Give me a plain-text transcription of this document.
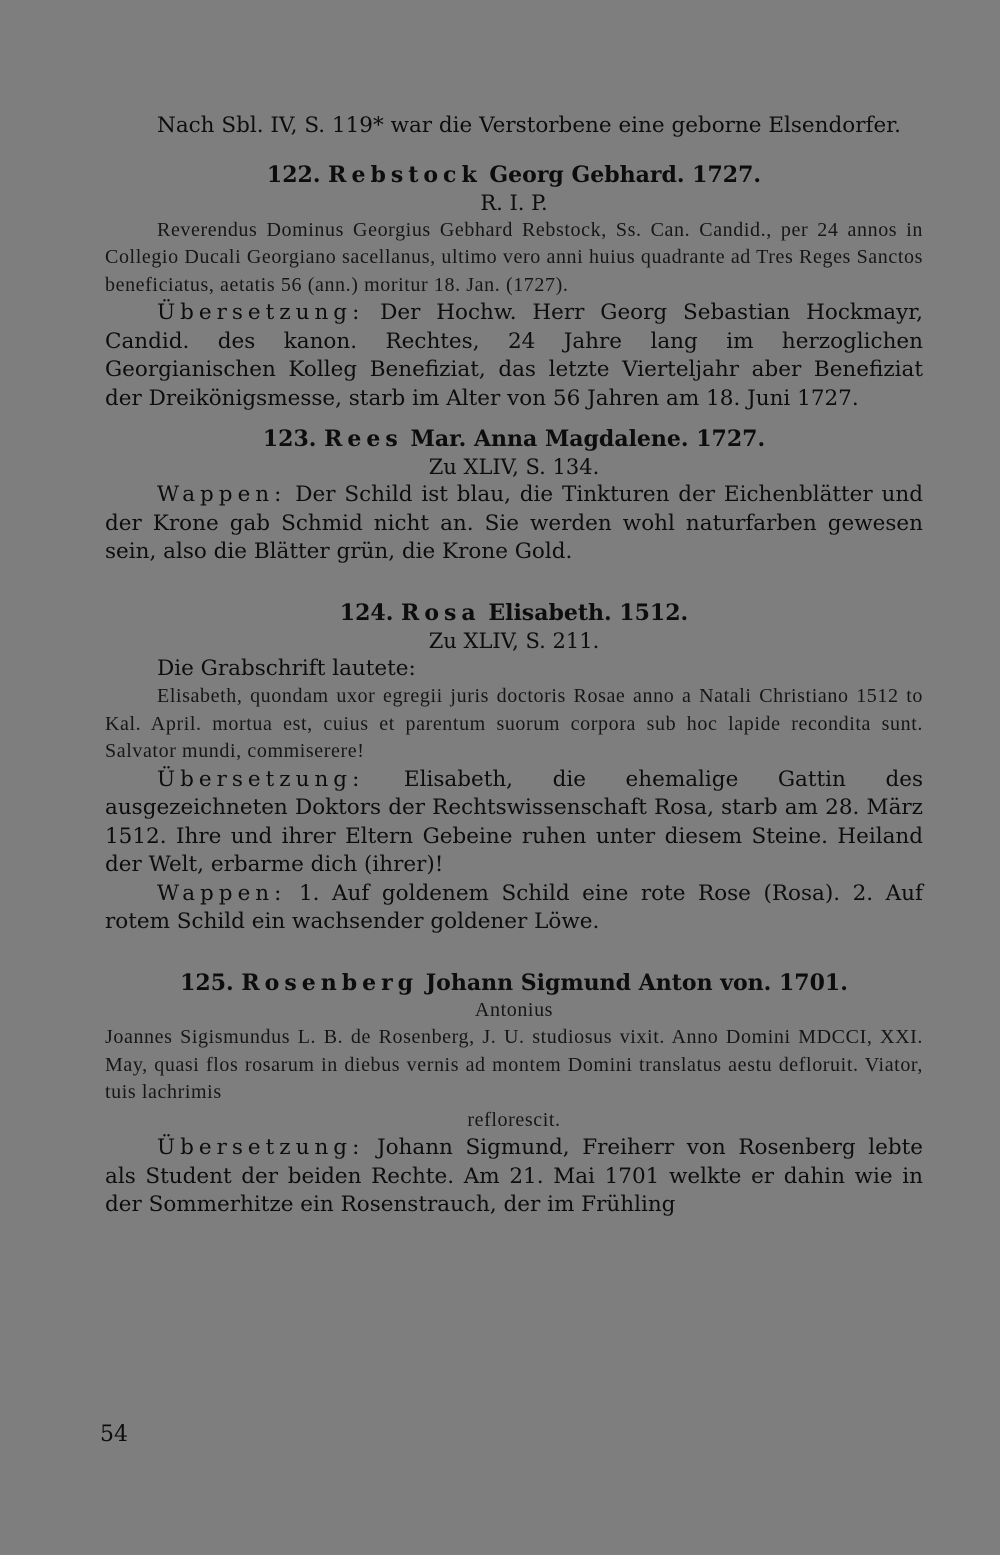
Nach Sbl. IV, S. 119* war die Verstorbene eine geborne Elsendorfer.

122. Rebstock Georg Gebhard. 1727.

R. I. P.

Reverendus Dominus Georgius Gebhard Rebstock, Ss. Can. Candid., per 24 annos in Collegio Ducali Georgiano sacellanus, ultimo vero anni huius quadrante ad Tres Reges Sanctos beneficiatus, aetatis 56 (ann.) moritur 18. Jan. (1727).

Übersetzung: Der Hochw. Herr Georg Sebastian Hockmayr, Candid. des kanon. Rechtes, 24 Jahre lang im herzoglichen Georgianischen Kolleg Benefiziat, das letzte Vierteljahr aber Benefiziat der Dreikönigsmesse, starb im Alter von 56 Jahren am 18. Juni 1727.

123. Rees Mar. Anna Magdalene. 1727.

Zu XLIV, S. 134.

Wappen: Der Schild ist blau, die Tinkturen der Eichenblätter und der Krone gab Schmid nicht an. Sie werden wohl naturfarben gewesen sein, also die Blätter grün, die Krone Gold.

124. Rosa Elisabeth. 1512.

Zu XLIV, S. 211.

Die Grabschrift lautete:

Elisabeth, quondam uxor egregii juris doctoris Rosae anno a Natali Christiano 1512 to Kal. April. mortua est, cuius et parentum suorum corpora sub hoc lapide recondita sunt. Salvator mundi, commiserere!

Übersetzung: Elisabeth, die ehemalige Gattin des ausgezeichneten Doktors der Rechtswissenschaft Rosa, starb am 28. März 1512. Ihre und ihrer Eltern Gebeine ruhen unter diesem Steine. Heiland der Welt, erbarme dich (ihrer)!

Wappen: 1. Auf goldenem Schild eine rote Rose (Rosa). 2. Auf rotem Schild ein wachsender goldener Löwe.

125. Rosenberg Johann Sigmund Anton von. 1701.

Antonius

Joannes Sigismundus L. B. de Rosenberg, J. U. studiosus vixit. Anno Domini MDCCI, XXI. May, quasi flos rosarum in diebus vernis ad montem Domini translatus aestu defloruit. Viator, tuis lachrimis

reflorescit.

Übersetzung: Johann Sigmund, Freiherr von Rosenberg lebte als Student der beiden Rechte. Am 21. Mai 1701 welkte er dahin wie in der Sommerhitze ein Rosenstrauch, der im Frühling

54
